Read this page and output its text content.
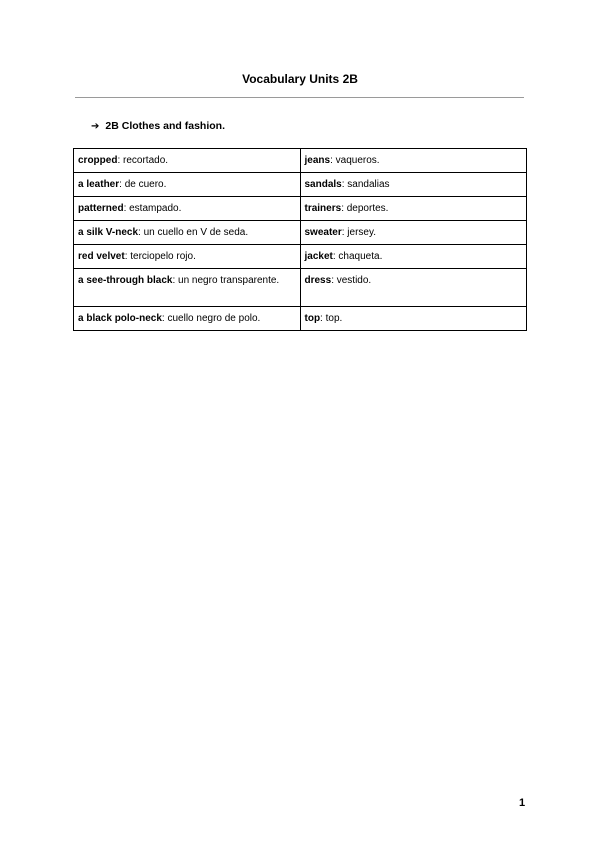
Vocabulary Units 2B
➔ 2B Clothes and fashion.
cropped: recortado.	jeans: vaqueros.
a leather: de cuero.	sandals: sandalias
patterned: estampado.	trainers: deportes.
a silk V-neck: un cuello en V de seda.	sweater: jersey.
red velvet: terciopelo rojo.	jacket: chaqueta.
a see-through black: un negro transparente.	dress: vestido.
a black polo-neck: cuello negro de polo.	top: top.
1
